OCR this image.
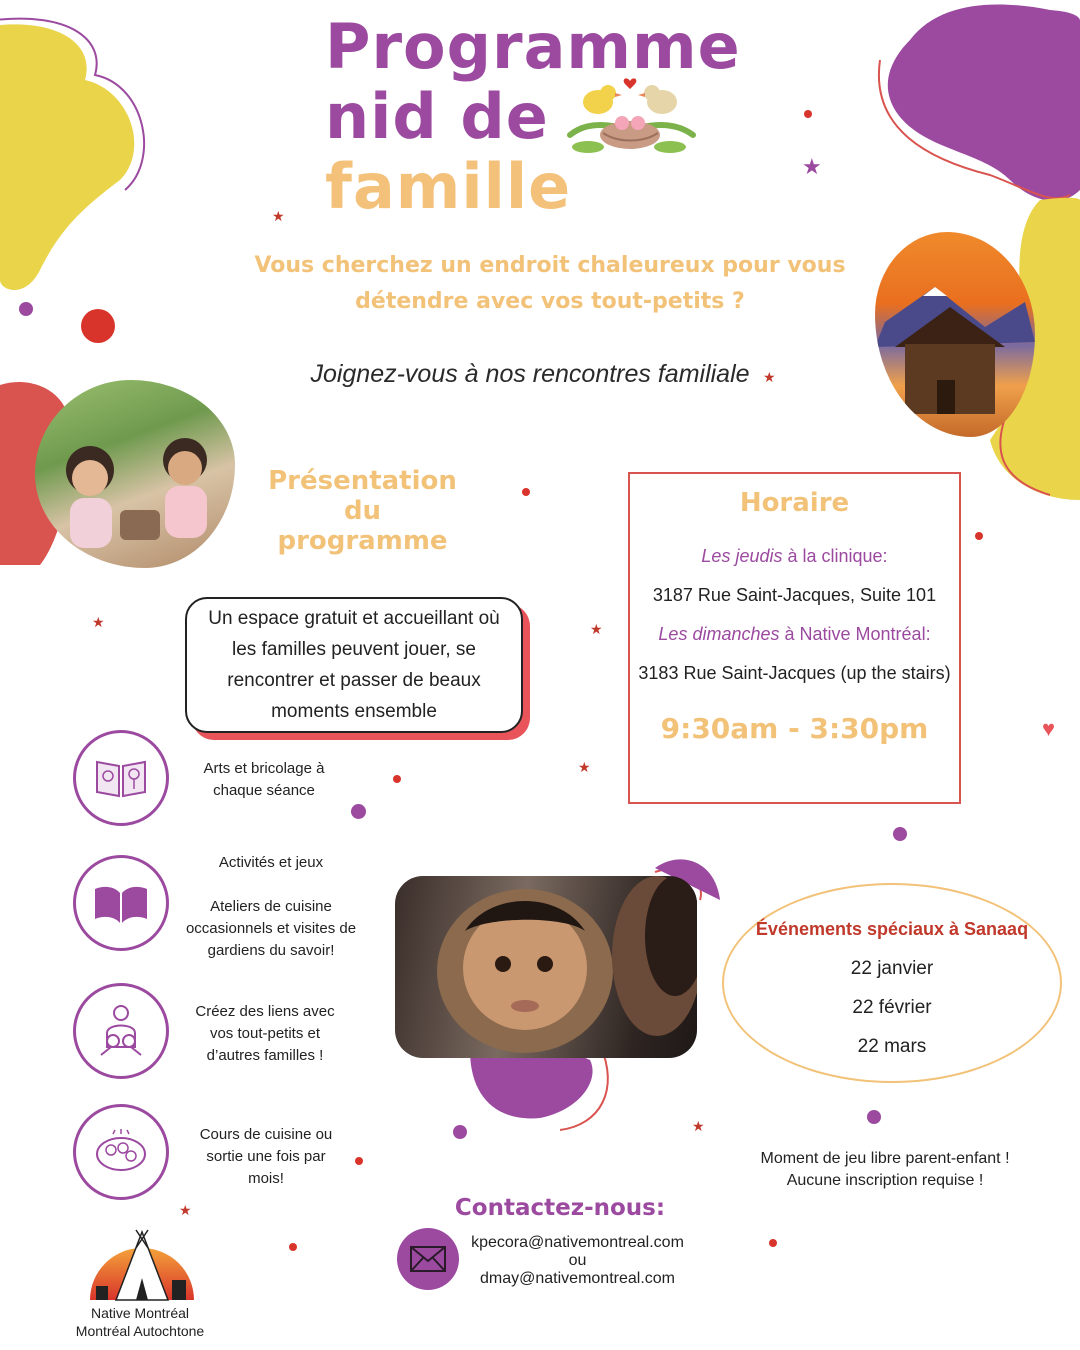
★
★
★
★	★
★
★
★
♥
Programme
nid de
famille
Vous cherchez un endroit chaleureux pour vous
détendre avec vos tout-petits ?
Joignez-vous à nos rencontres familiale
Présentation
du
programme
Un espace gratuit et accueillant où les familles peuvent jouer, se rencontrer et passer de beaux moments ensemble
Horaire
Les jeudis à la clinique:
3187 Rue Saint-Jacques, Suite 101
Les dimanches à Native Montréal:
3183 Rue Saint-Jacques (up the stairs)
9:30am - 3:30pm
Arts et bricolage à
chaque séance
Activités et jeux
Ateliers de cuisine
occasionnels et visites de
gardiens du savoir!
Créez des liens avec
vos tout-petits et
d’autres familles !
Cours de cuisine ou
sortie une fois par
mois!
Événements spéciaux à Sanaaq
22 janvier
22 février
22 mars
Moment de jeu libre parent-enfant !
Aucune inscription requise !
Contactez-nous:
kpecora@nativemontreal.com
ou
dmay@nativemontreal.com
Native Montréal
Montréal Autochtone
